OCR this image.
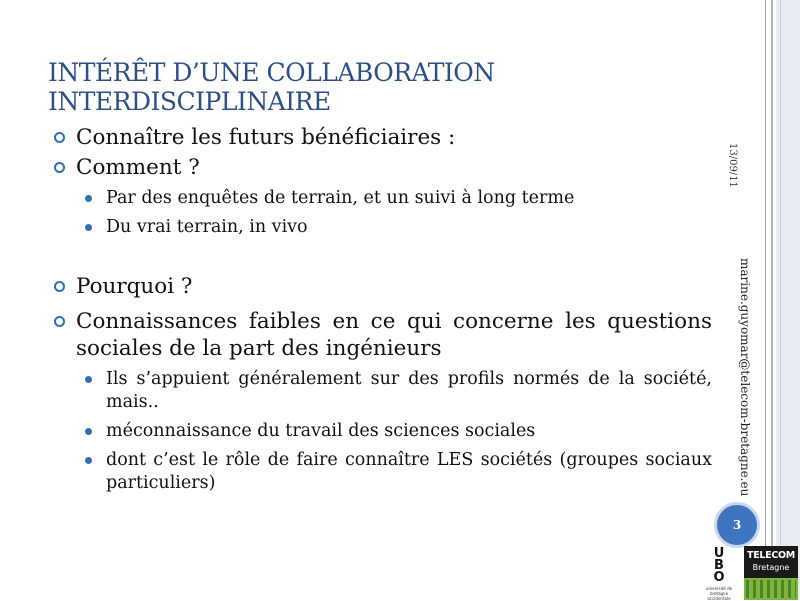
INTÉRÊT D’UNE COLLABORATION INTERDISCIPLINAIRE

Connaître les futurs bénéficiaires :

Comment ?

Par des enquêtes de terrain, et un suivi à long terme

Du vrai terrain, in vivo

Pourquoi ?

Connaissances faibles en ce qui concerne les questions sociales de la part des ingénieurs

Ils s’appuient généralement sur des profils normés de la société, mais..

méconnaissance du travail des sciences sociales

dont c’est le rôle de faire connaître LES sociétés (groupes sociaux particuliers)

13/09/11
marine.guyomar@telecom-bretagne.eu
3
U B O
université de bretagne occidentale
TELECOM
Bretagne
